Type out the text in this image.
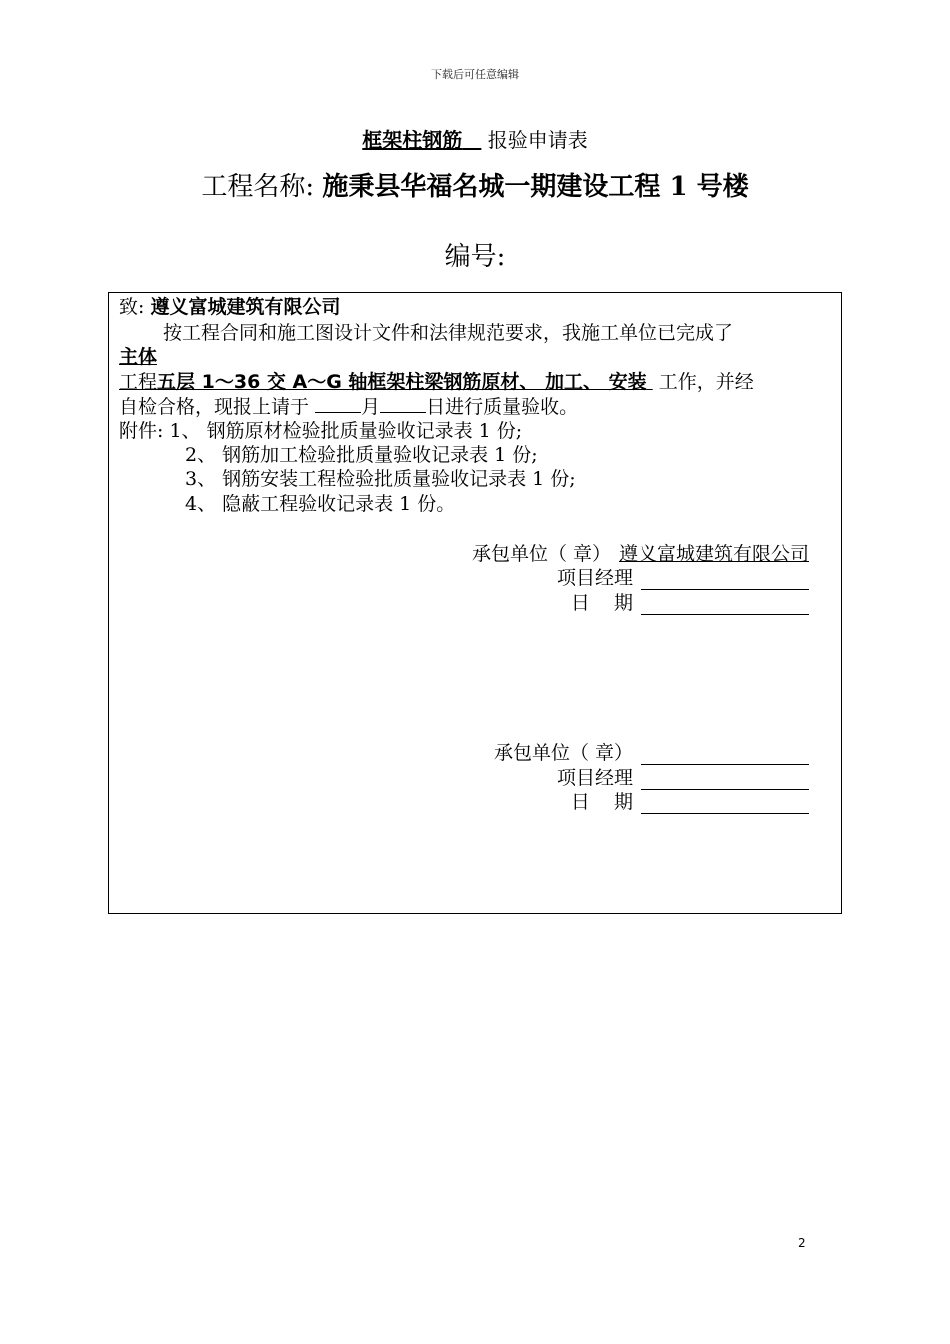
下载后可任意编辑
框架柱钢筋 报验申请表
工程名称: 施秉县华福名城一期建设工程 1 号楼
编号:
致: 遵义富城建筑有限公司
按工程合同和施工图设计文件和法律规范要求，我施工单位已完成了
主体
工程五层 1～36 交 A～G 轴框架柱梁钢筋原材、 加工、 安装 工作，并经
自检合格，现报上请于	月 日进行质量验收。
附件: 1、 钢筋原材检验批质量验收记录表 1 份;
2、 钢筋加工检验批质量验收记录表 1 份;
3、 钢筋安装工程检验批质量验收记录表 1 份;
4、 隐蔽工程验收记录表 1 份。
承包单位（ 章） 遵义富城建筑有限公司
项目经理
日    期
承包单位（ 章）
项目经理
日    期
2
